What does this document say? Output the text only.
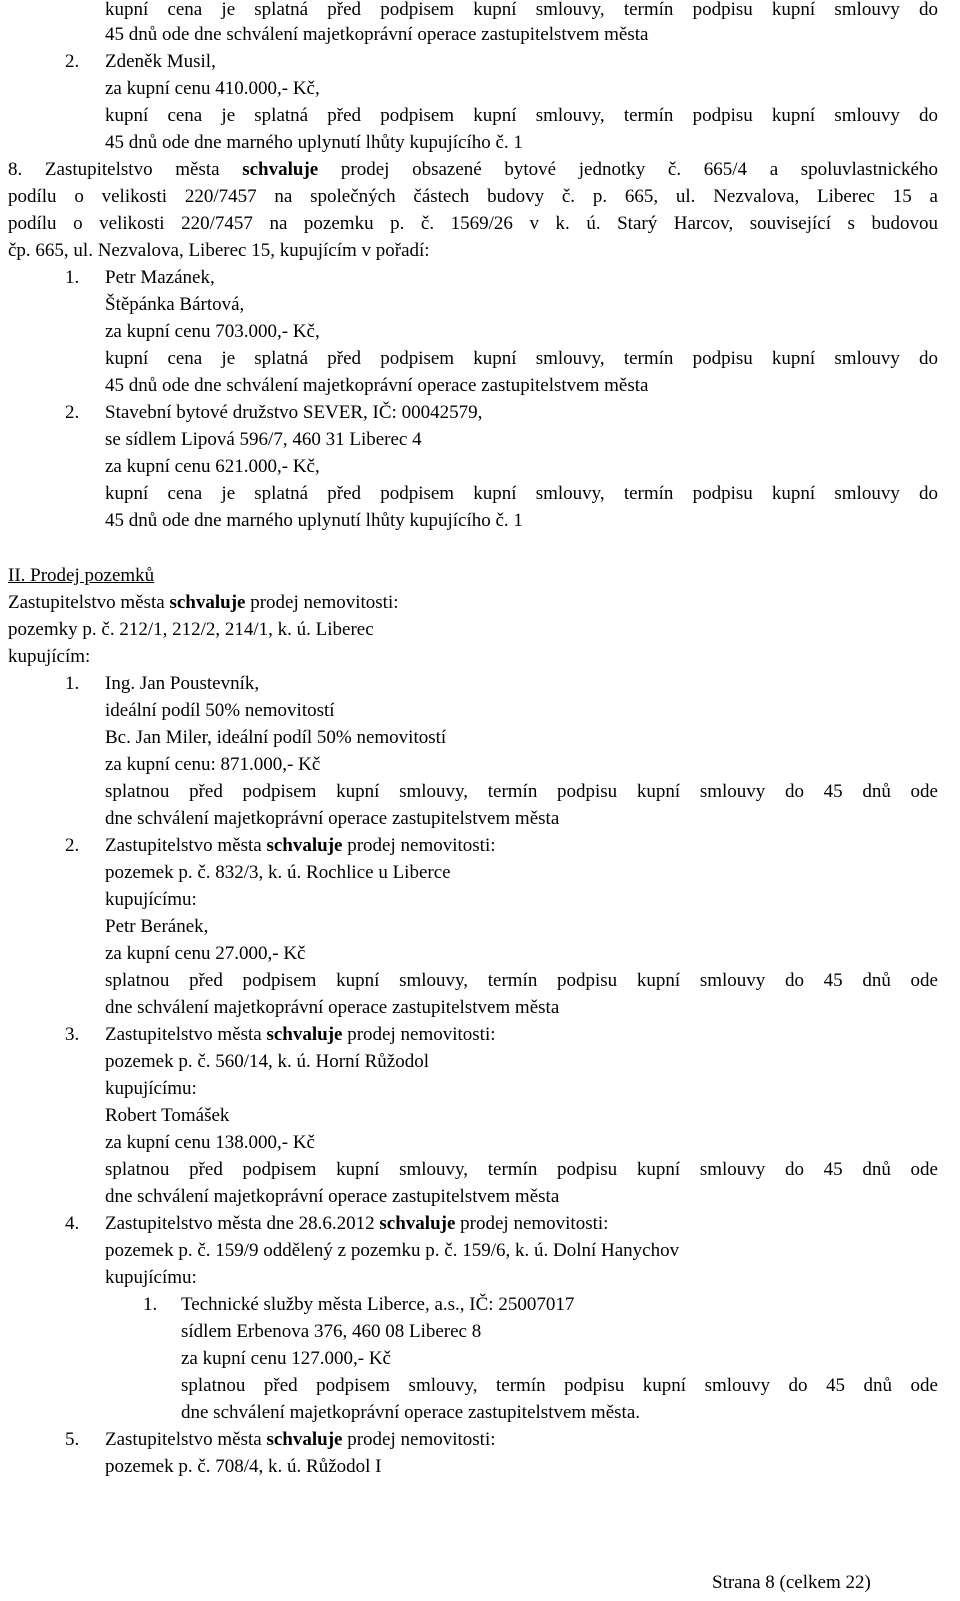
kupní cena je splatná před podpisem kupní smlouvy, termín podpisu kupní smlouvy do
45 dnů ode dne schválení majetkoprávní operace zastupitelstvem města
2. Zdeněk Musil,
za kupní cenu 410.000,- Kč,
kupní cena je splatná před podpisem kupní smlouvy, termín podpisu kupní smlouvy do
45 dnů ode dne marného uplynutí lhůty kupujícího č. 1
8. Zastupitelstvo města schvaluje prodej obsazené bytové jednotky č. 665/4 a spoluvlastnického
podílu o velikosti 220/7457 na společných částech budovy č. p. 665, ul. Nezvalova, Liberec 15 a
podílu o velikosti 220/7457 na pozemku p. č. 1569/26 v k. ú. Starý Harcov, související s budovou
čp. 665, ul. Nezvalova, Liberec 15, kupujícím v pořadí:
1. Petr Mazánek,
Štěpánka Bártová,
za kupní cenu 703.000,- Kč,
kupní cena je splatná před podpisem kupní smlouvy, termín podpisu kupní smlouvy do
45 dnů ode dne schválení majetkoprávní operace zastupitelstvem města
2. Stavební bytové družstvo SEVER, IČ: 00042579,
se sídlem Lipová 596/7, 460 31 Liberec 4
za kupní cenu 621.000,- Kč,
kupní cena je splatná před podpisem kupní smlouvy, termín podpisu kupní smlouvy do
45 dnů ode dne marného uplynutí lhůty kupujícího č. 1
II. Prodej pozemků
Zastupitelstvo města schvaluje prodej nemovitosti:
pozemky p. č. 212/1, 212/2, 214/1, k. ú. Liberec
kupujícím:
1. Ing. Jan Poustevník,
ideální podíl 50% nemovitostí
Bc. Jan Miler, ideální podíl 50% nemovitostí
za kupní cenu: 871.000,- Kč
splatnou před podpisem kupní smlouvy, termín podpisu kupní smlouvy do 45 dnů ode
dne schválení majetkoprávní operace zastupitelstvem města
2. Zastupitelstvo města schvaluje prodej nemovitosti:
pozemek p. č. 832/3, k. ú. Rochlice u Liberce
kupujícímu:
Petr Beránek,
za kupní cenu 27.000,- Kč
splatnou před podpisem kupní smlouvy, termín podpisu kupní smlouvy do 45 dnů ode
dne schválení majetkoprávní operace zastupitelstvem města
3. Zastupitelstvo města schvaluje prodej nemovitosti:
pozemek p. č. 560/14, k. ú. Horní Růžodol
kupujícímu:
Robert Tomášek
za kupní cenu 138.000,- Kč
splatnou před podpisem kupní smlouvy, termín podpisu kupní smlouvy do 45 dnů ode
dne schválení majetkoprávní operace zastupitelstvem města
4. Zastupitelstvo města dne 28.6.2012 schvaluje prodej nemovitosti:
pozemek p. č. 159/9 oddělený z pozemku p. č. 159/6, k. ú. Dolní Hanychov
kupujícímu:
1. Technické služby města Liberce, a.s., IČ: 25007017
sídlem Erbenova 376, 460 08 Liberec 8
za kupní cenu 127.000,- Kč
splatnou před podpisem smlouvy, termín podpisu kupní smlouvy do 45 dnů ode
dne schválení majetkoprávní operace zastupitelstvem města.
5. Zastupitelstvo města schvaluje prodej nemovitosti:
pozemek p. č. 708/4, k. ú. Růžodol I
Strana 8 (celkem 22)
